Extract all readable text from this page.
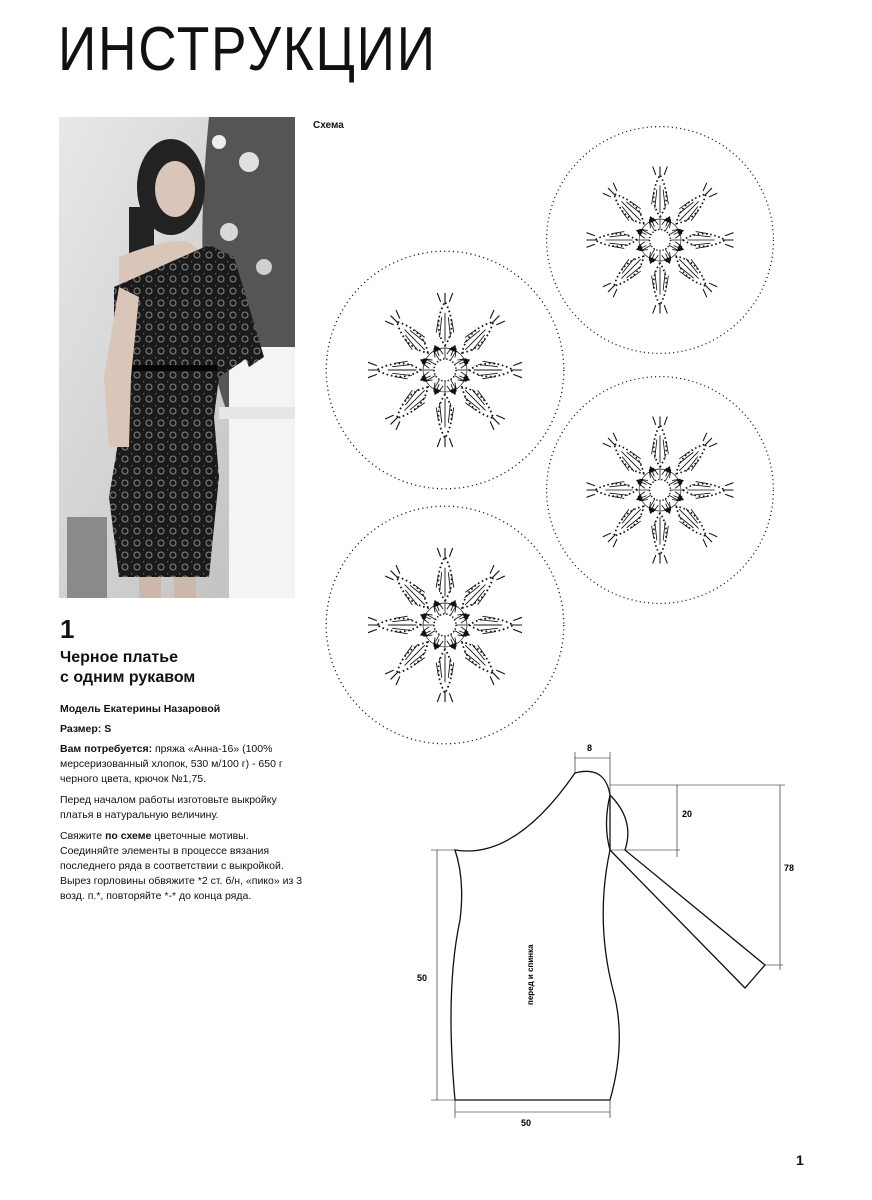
ИНСТРУКЦИИ
Схема
1
Черное платье
с одним рукавом

Модель Екатерины Назаровой

Размер: S

Вам потребуется: пряжа «Анна-16» (100% мерсеризованный хлопок, 530 м/100 г) - 650 г черного цвета, крючок №1,75.

Перед началом работы изготовьте выкройку платья в натуральную величину.

Свяжите по схеме цветочные мотивы. Соединяйте элементы в процессе вязания последнего ряда в соответствии с выкройкой. Вырез горловины обвяжите *2 ст. б/н, «пико» из 3 возд. п.*, повторяйте *-* до конца ряда.

8
20
78
50
50
перед и спинка
1
